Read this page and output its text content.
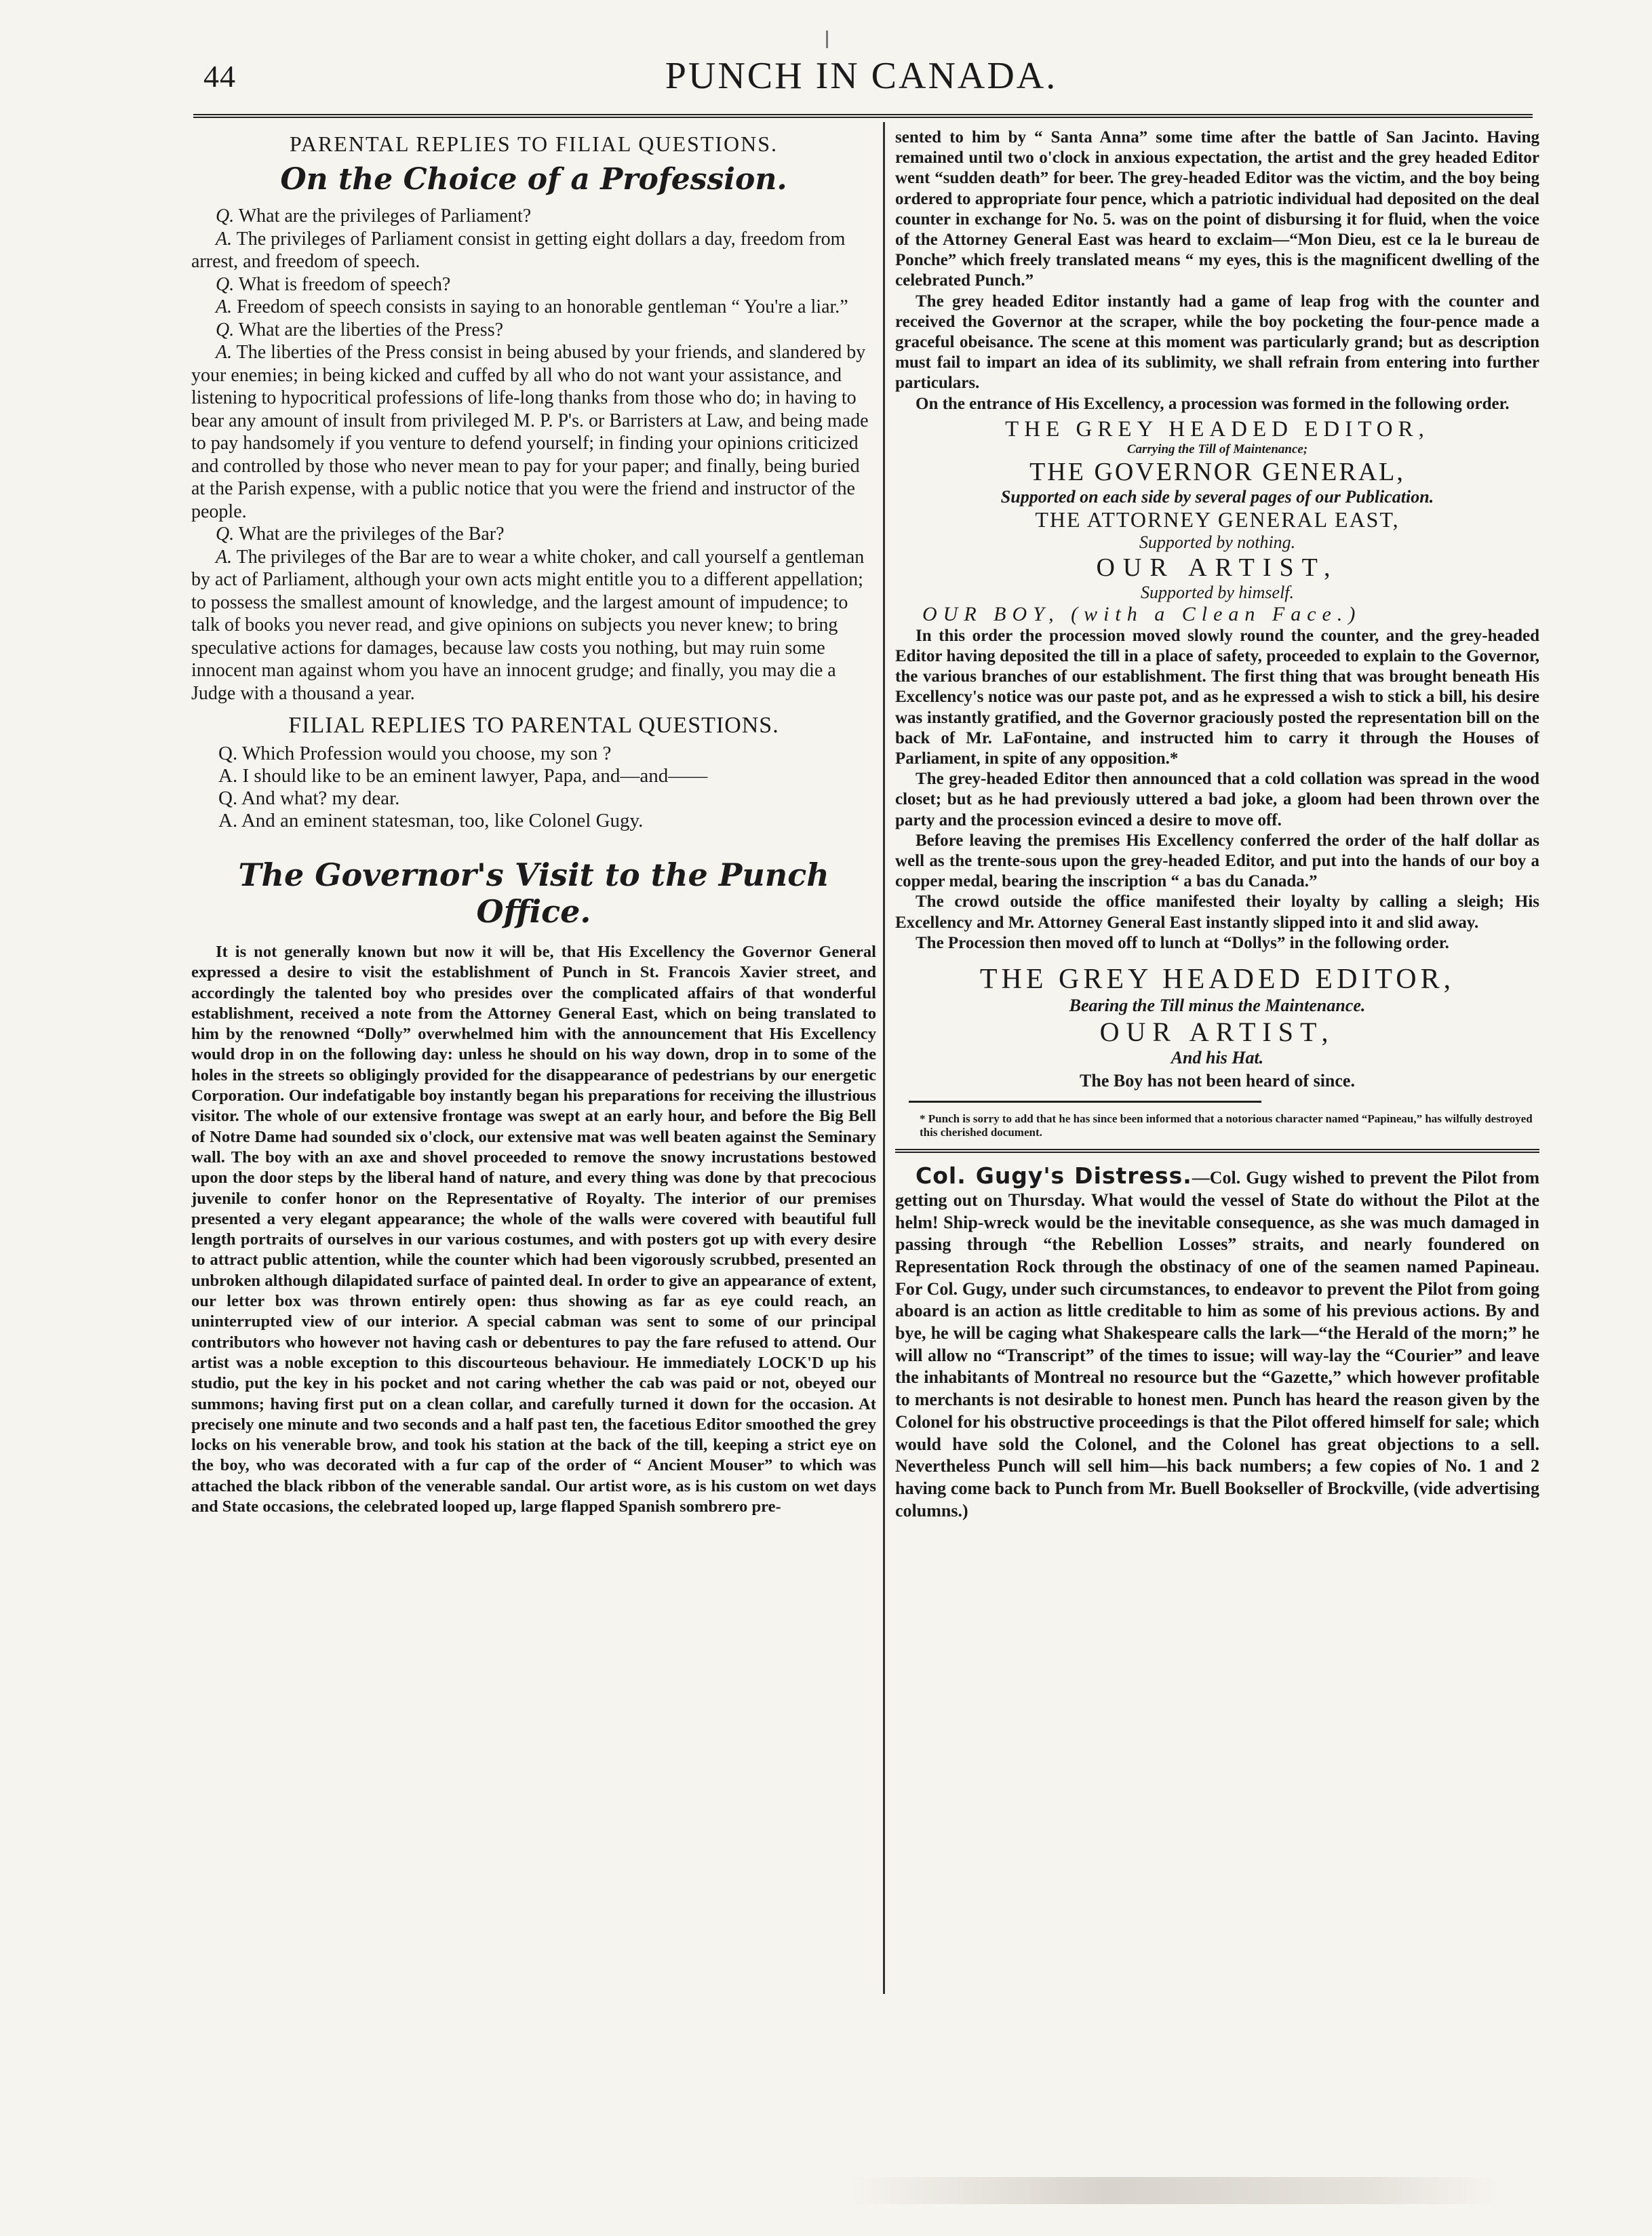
44	PUNCH IN CANADA.
PARENTAL REPLIES TO FILIAL QUESTIONS.
On the Choice of a Profession.

Q. What are the privileges of Parliament?

A. The privileges of Parliament consist in getting eight dollars a day, freedom from arrest, and freedom of speech.

Q. What is freedom of speech?

A. Freedom of speech consists in saying to an honorable gentleman “ You're a liar.”

Q. What are the liberties of the Press?

A. The liberties of the Press consist in being abused by your friends, and slandered by your enemies; in being kicked and cuffed by all who do not want your assistance, and listening to hypocritical professions of life-long thanks from those who do; in having to bear any amount of insult from privileged M. P. P's. or Barristers at Law, and being made to pay handsomely if you venture to defend yourself; in finding your opinions criticized and controlled by those who never mean to pay for your paper; and finally, being buried at the Parish expense, with a public notice that you were the friend and instructor of the people.

Q. What are the privileges of the Bar?

A. The privileges of the Bar are to wear a white choker, and call yourself a gentleman by act of Parliament, although your own acts might entitle you to a different appellation; to possess the smallest amount of knowledge, and the largest amount of impudence; to talk of books you never read, and give opinions on subjects you never knew; to bring speculative actions for damages, because law costs you nothing, but may ruin some innocent man against whom you have an innocent grudge; and finally, you may die a Judge with a thousand a year.

FILIAL REPLIES TO PARENTAL QUESTIONS.

Q. Which Profession would you choose, my son ?

A. I should like to be an eminent lawyer, Papa, and—and——

Q. And what? my dear.

A. And an eminent statesman, too, like Colonel Gugy.

The Governor's Visit to the Punch Office.

It is not generally known but now it will be, that His Excellency the Governor General expressed a desire to visit the establishment of Punch in St. Francois Xavier street, and accordingly the talented boy who presides over the complicated affairs of that wonderful establishment, received a note from the Attorney General East, which on being translated to him by the renowned “Dolly” overwhelmed him with the announcement that His Excellency would drop in on the following day: unless he should on his way down, drop in to some of the holes in the streets so obligingly provided for the disappearance of pedestrians by our energetic Corporation. Our indefatigable boy instantly began his preparations for receiving the illustrious visitor. The whole of our extensive frontage was swept at an early hour, and before the Big Bell of Notre Dame had sounded six o'clock, our extensive mat was well beaten against the Seminary wall. The boy with an axe and shovel proceeded to remove the snowy incrustations bestowed upon the door steps by the liberal hand of nature, and every thing was done by that precocious juvenile to confer honor on the Representative of Royalty. The interior of our premises presented a very elegant appearance; the whole of the walls were covered with beautiful full length portraits of ourselves in our various costumes, and with posters got up with every desire to attract public attention, while the counter which had been vigorously scrubbed, presented an unbroken although dilapidated surface of painted deal. In order to give an appearance of extent, our letter box was thrown entirely open: thus showing as far as eye could reach, an uninterrupted view of our interior. A special cabman was sent to some of our principal contributors who however not having cash or debentures to pay the fare refused to attend. Our artist was a noble exception to this discourteous behaviour. He immediately LOCK'D up his studio, put the key in his pocket and not caring whether the cab was paid or not, obeyed our summons; having first put on a clean collar, and carefully turned it down for the occasion. At precisely one minute and two seconds and a half past ten, the facetious Editor smoothed the grey locks on his venerable brow, and took his station at the back of the till, keeping a strict eye on the boy, who was decorated with a fur cap of the order of “ Ancient Mouser” to which was attached the black ribbon of the venerable sandal. Our artist wore, as is his custom on wet days and State occasions, the celebrated looped up, large flapped Spanish sombrero pre-

sented to him by “ Santa Anna” some time after the battle of San Jacinto. Having remained until two o'clock in anxious expectation, the artist and the grey headed Editor went “sudden death” for beer. The grey-headed Editor was the victim, and the boy being ordered to appropriate four pence, which a patriotic individual had deposited on the deal counter in exchange for No. 5. was on the point of disbursing it for fluid, when the voice of the Attorney General East was heard to exclaim—“Mon Dieu, est ce la le bureau de Ponche” which freely translated means “ my eyes, this is the magnificent dwelling of the celebrated Punch.”

The grey headed Editor instantly had a game of leap frog with the counter and received the Governor at the scraper, while the boy pocketing the four-pence made a graceful obeisance. The scene at this moment was particularly grand; but as description must fail to impart an idea of its sublimity, we shall refrain from entering into further particulars.

On the entrance of His Excellency, a procession was formed in the following order.

THE GREY HEADED EDITOR,
Carrying the Till of Maintenance;
THE GOVERNOR GENERAL,
Supported on each side by several pages of our Publication.
THE ATTORNEY GENERAL EAST,
Supported by nothing.
OUR ARTIST,
Supported by himself.
OUR BOY, (with a Clean Face.)

In this order the procession moved slowly round the counter, and the grey-headed Editor having deposited the till in a place of safety, proceeded to explain to the Governor, the various branches of our establishment. The first thing that was brought beneath His Excellency's notice was our paste pot, and as he expressed a wish to stick a bill, his desire was instantly gratified, and the Governor graciously posted the representation bill on the back of Mr. LaFontaine, and instructed him to carry it through the Houses of Parliament, in spite of any opposition.*

The grey-headed Editor then announced that a cold collation was spread in the wood closet; but as he had previously uttered a bad joke, a gloom had been thrown over the party and the procession evinced a desire to move off.

Before leaving the premises His Excellency conferred the order of the half dollar as well as the trente-sous upon the grey-headed Editor, and put into the hands of our boy a copper medal, bearing the inscription “ a bas du Canada.”

The crowd outside the office manifested their loyalty by calling a sleigh; His Excellency and Mr. Attorney General East instantly slipped into it and slid away.

The Procession then moved off to lunch at “Dollys” in the following order.

THE GREY HEADED EDITOR,
Bearing the Till minus the Maintenance.
OUR ARTIST,
And his Hat.
The Boy has not been heard of since.
* Punch is sorry to add that he has since been informed that a notorious character named “Papineau,” has wilfully destroyed this cherished document.

Col. Gugy's Distress.—Col. Gugy wished to prevent the Pilot from getting out on Thursday. What would the vessel of State do without the Pilot at the helm! Ship-wreck would be the inevitable consequence, as she was much damaged in passing through “the Rebellion Losses” straits, and nearly foundered on Representation Rock through the obstinacy of one of the seamen named Papineau. For Col. Gugy, under such circumstances, to endeavor to prevent the Pilot from going aboard is an action as little creditable to him as some of his previous actions. By and bye, he will be caging what Shakespeare calls the lark—“the Herald of the morn;” he will allow no “Transcript” of the times to issue; will way-lay the “Courier” and leave the inhabitants of Montreal no resource but the “Gazette,” which however profitable to merchants is not desirable to honest men. Punch has heard the reason given by the Colonel for his obstructive proceedings is that the Pilot offered himself for sale; which would have sold the Colonel, and the Colonel has great objections to a sell. Nevertheless Punch will sell him—his back numbers; a few copies of No. 1 and 2 having come back to Punch from Mr. Buell Bookseller of Brockville, (vide advertising columns.)
